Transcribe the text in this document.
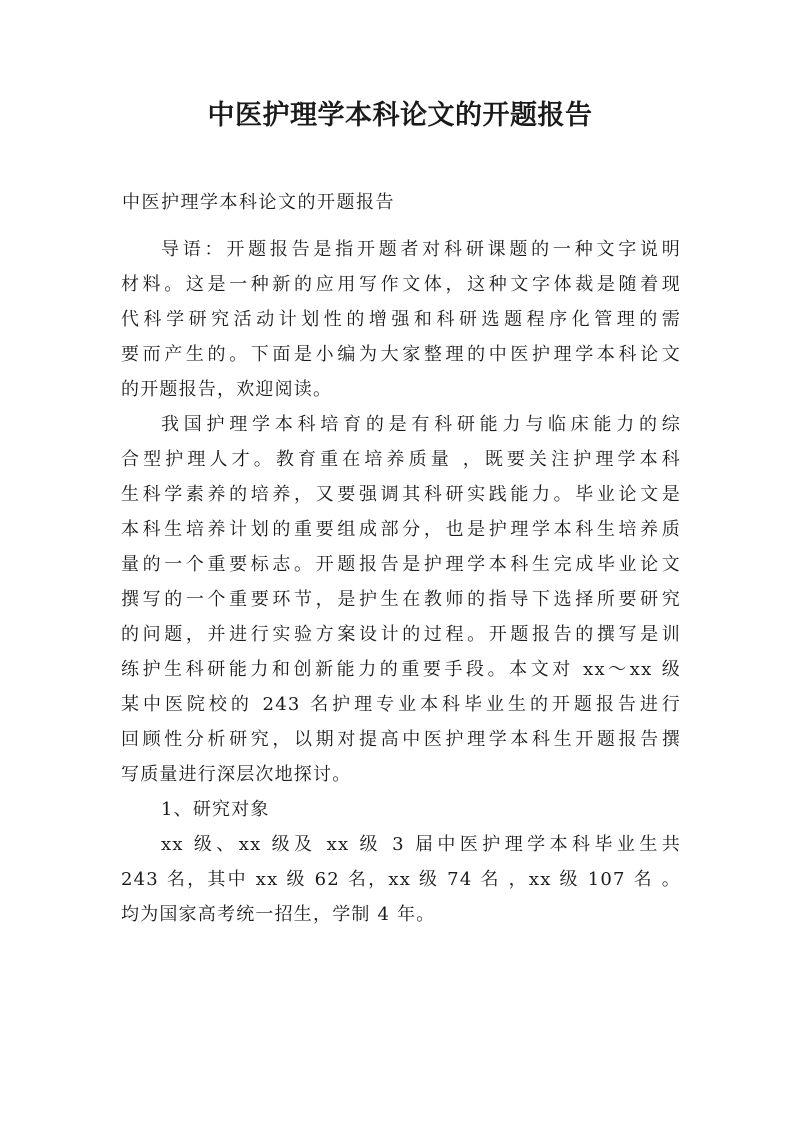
中医护理学本科论文的开题报告

中医护理学本科论文的开题报告

导语：开题报告是指开题者对科研课题的一种文字说明
材料。这是一种新的应用写作文体，这种文字体裁是随着现
代科学研究活动计划性的增强和科研选题程序化管理的需
要而产生的。下面是小编为大家整理的中医护理学本科论文
的开题报告，欢迎阅读。

我国护理学本科培育的是有科研能力与临床能力的综
合型护理人才。教育重在培养质量 ，既要关注护理学本科
生科学素养的培养，又要强调其科研实践能力。毕业论文是
本科生培养计划的重要组成部分，也是护理学本科生培养质
量的一个重要标志。开题报告是护理学本科生完成毕业论文
撰写的一个重要环节，是护生在教师的指导下选择所要研究
的问题，并进行实验方案设计的过程。开题报告的撰写是训
练护生科研能力和创新能力的重要手段。本文对 xx～xx 级
某中医院校的 243 名护理专业本科毕业生的开题报告进行
回顾性分析研究，以期对提高中医护理学本科生开题报告撰
写质量进行深层次地探讨。

1、研究对象

xx 级、xx 级及 xx 级 3 届中医护理学本科毕业生共
243 名，其中 xx 级 62 名，xx 级 74 名 ，xx 级 107 名 。
均为国家高考统一招生，学制 4 年。
